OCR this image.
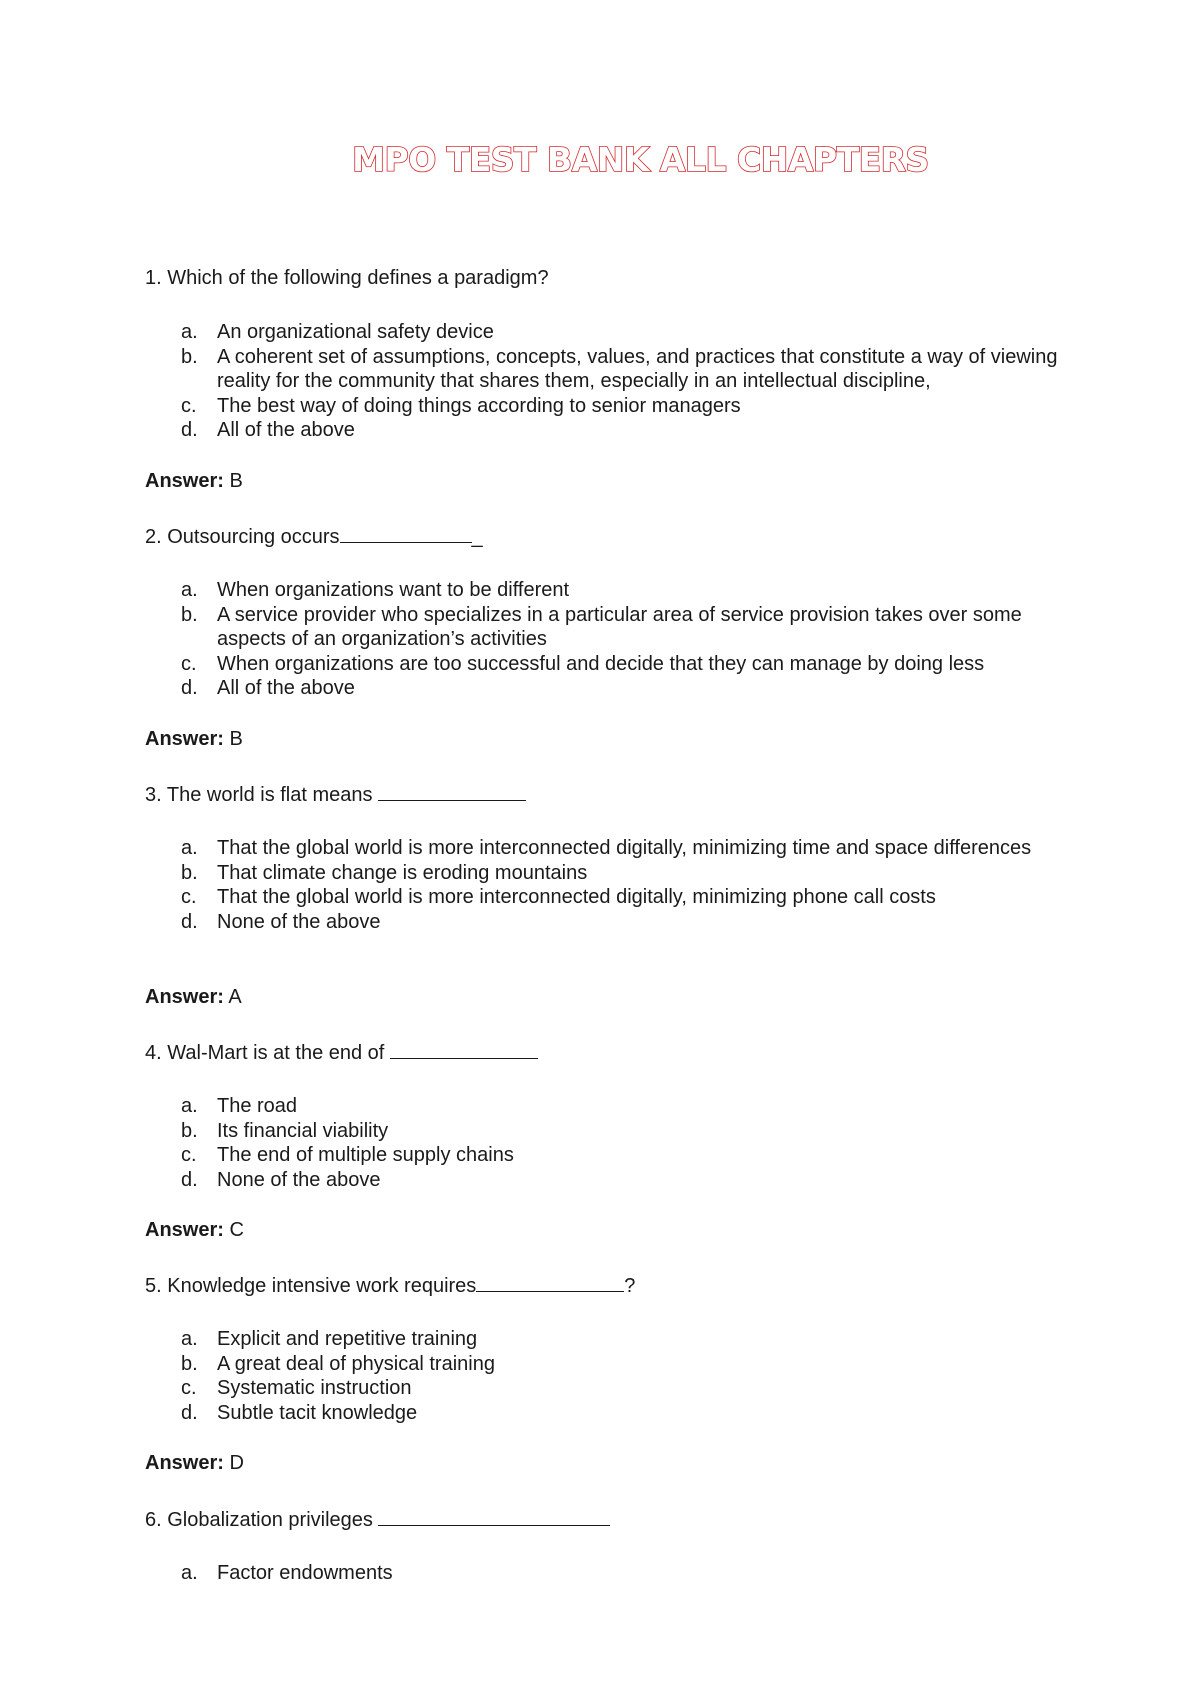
MPO TEST BANK ALL CHAPTERS
1. Which of the following defines a paradigm?
a. An organizational safety device
b. A coherent set of assumptions, concepts, values, and practices that constitute a way of viewing reality for the community that shares them, especially in an intellectual discipline,
c. The best way of doing things according to senior managers
d. All of the above
Answer: B
2. Outsourcing occurs	_
a. When organizations want to be different
b. A service provider who specializes in a particular area of service provision takes over some aspects of an organization’s activities
c. When organizations are too successful and decide that they can manage by doing less
d. All of the above
Answer: B
3. The world is flat means
a. That the global world is more interconnected digitally, minimizing time and space differences
b. That climate change is eroding mountains
c. That the global world is more interconnected digitally, minimizing phone call costs
d. None of the above
Answer: A
4. Wal-Mart is at the end of
a. The road
b. Its financial viability
c. The end of multiple supply chains
d. None of the above
Answer: C
5. Knowledge intensive work requires	?
a. Explicit and repetitive training
b. A great deal of physical training
c. Systematic instruction
d. Subtle tacit knowledge
Answer: D
6. Globalization privileges
a. Factor endowments
